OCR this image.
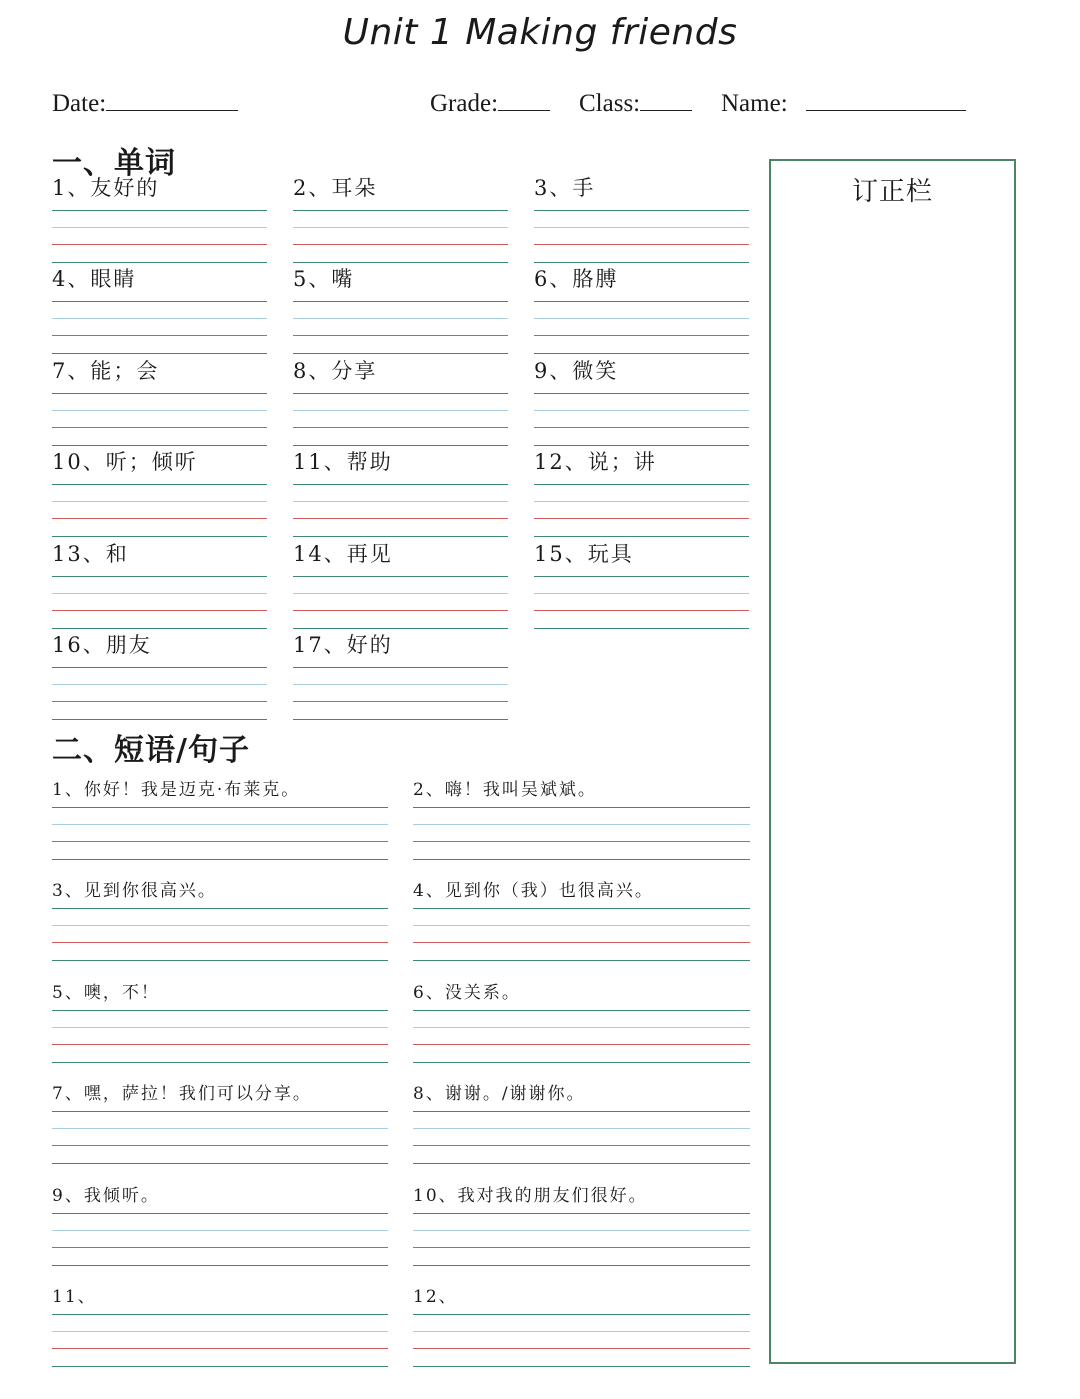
Unit 1 Making friends
Date:	Grade:	Class:	Name:
一、单词
1、友好的	2、耳朵	3、手
4、眼睛	5、嘴	6、胳膊
7、能；会	8、分享	9、微笑
10、听；倾听	11、帮助	12、说；讲
13、和	14、再见	15、玩具
16、朋友	17、好的
二、短语/句子
1、你好！我是迈克·布莱克。	2、嗨！我叫吴斌斌。
3、见到你很高兴。	4、见到你（我）也很高兴。
5、噢，不！	6、没关系。
7、嘿，萨拉！我们可以分享。	8、谢谢。/谢谢你。
9、我倾听。	10、我对我的朋友们很好。
11、	12、
订正栏
